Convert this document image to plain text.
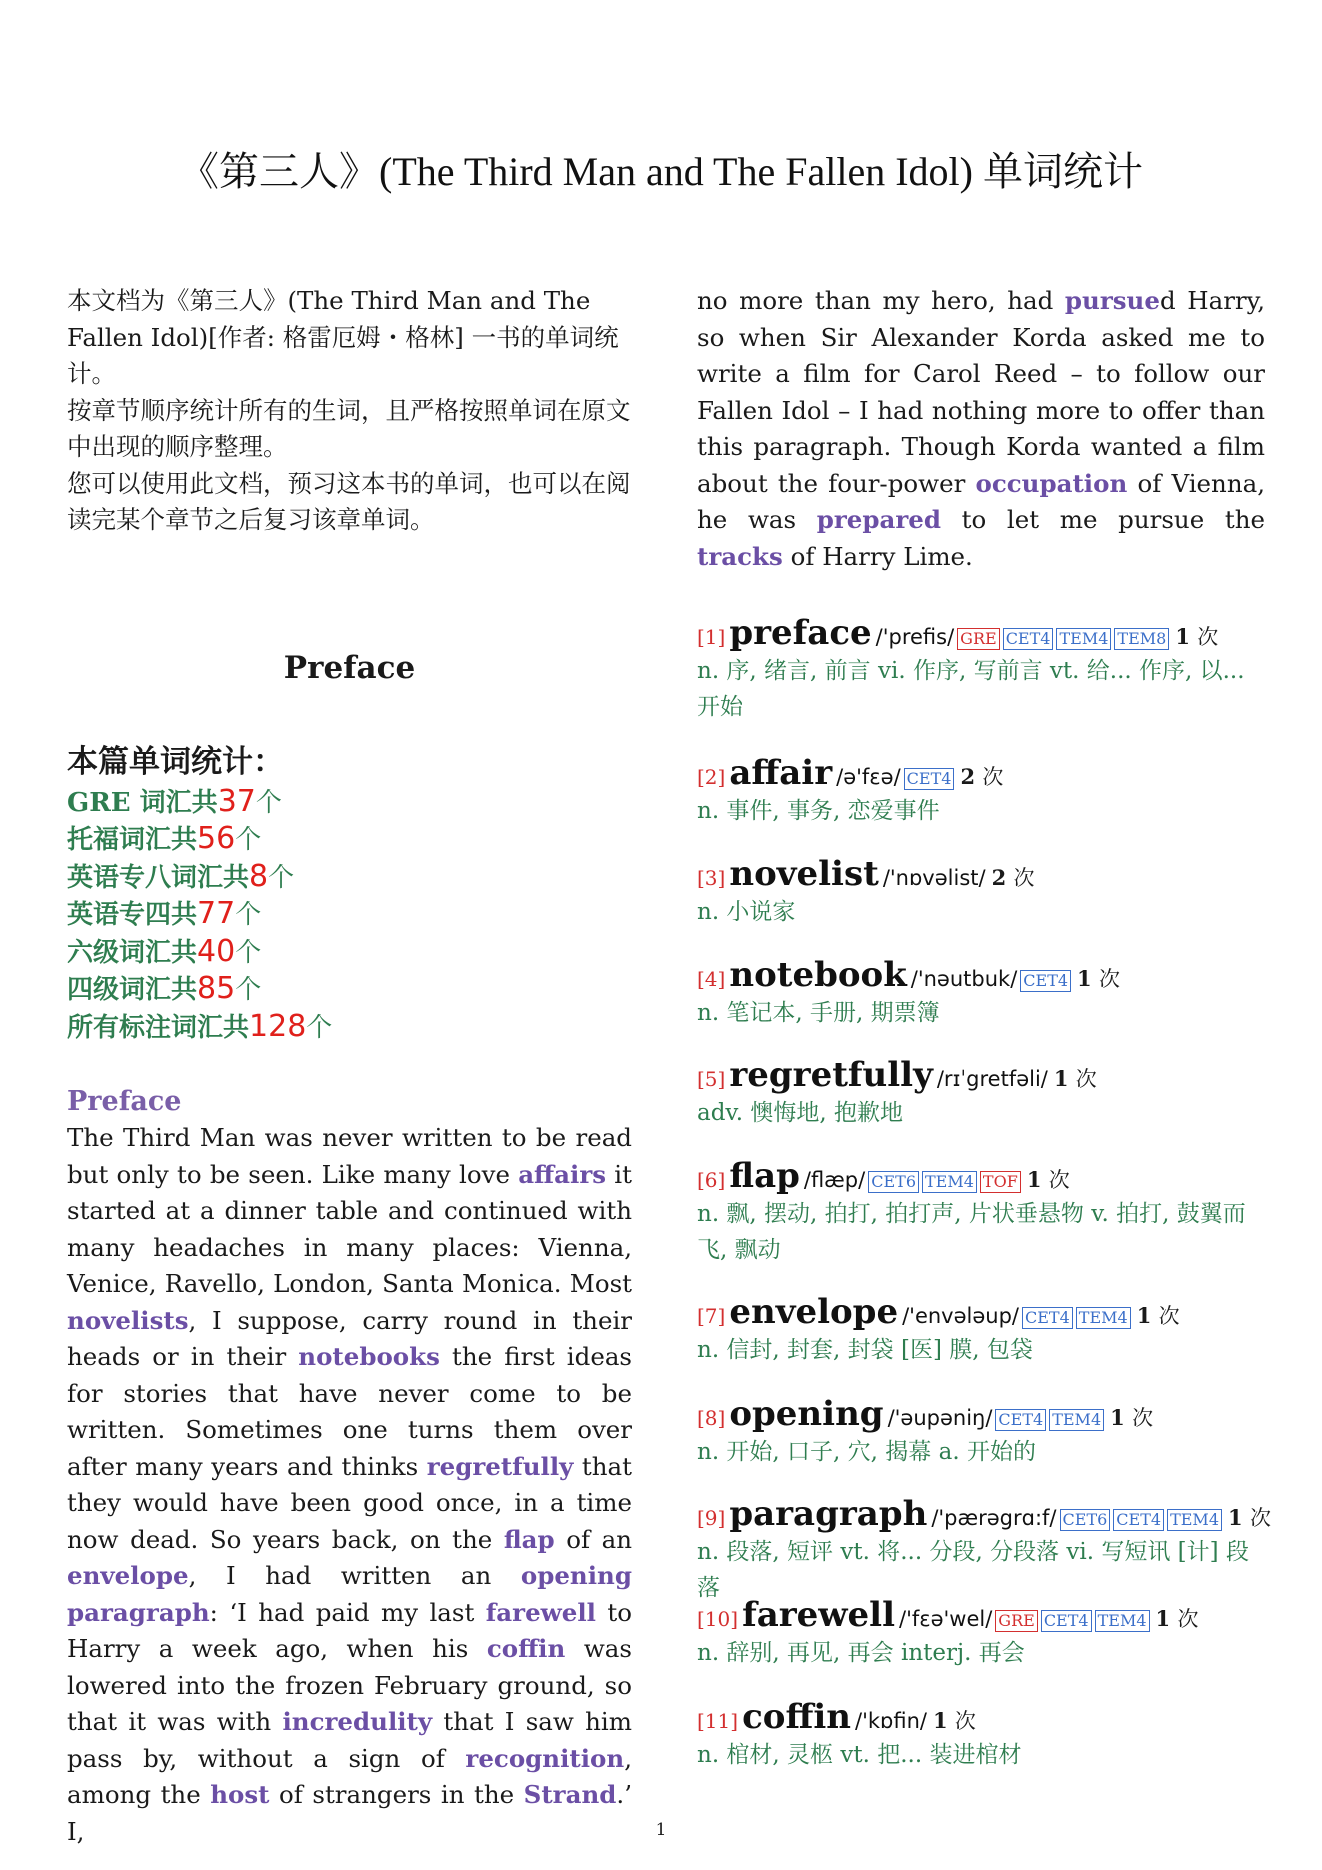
《第三人》(The Third Man and The Fallen Idol) 单词统计

本文档为《第三人》(The Third Man and The Fallen Idol)[作者: 格雷厄姆・格林] 一书的单词统计。

按章节顺序统计所有的生词，且严格按照单词在原文中出现的顺序整理。

您可以使用此文档，预习这本书的单词，也可以在阅读完某个章节之后复习该章单词。

Preface
本篇单词统计：
GRE 词汇共37个
托福词汇共56个
英语专八词汇共8个
英语专四共77个
六级词汇共40个
四级词汇共85个
所有标注词汇共128个
Preface

The Third Man was never written to be read but only to be seen. Like many love affairs it started at a dinner table and continued with many headaches in many places: Vienna, Venice, Ravello, London, Santa Monica. Most novelists, I suppose, carry round in their heads or in their notebooks the first ideas for stories that have never come to be written. Sometimes one turns them over after many years and thinks regretfully that they would have been good once, in a time now dead. So years back, on the flap of an envelope, I had written an opening paragraph: ‘I had paid my last farewell to Harry a week ago, when his coffin was lowered into the frozen February ground, so that it was with incredulity that I saw him pass by, without a sign of recognition, among the host of strangers in the Strand.’ I,

no more than my hero, had pursued Harry, so when Sir Alexander Korda asked me to write a film for Carol Reed – to follow our Fallen Idol – I had nothing more to offer than this paragraph. Though Korda wanted a film about the four-power occupation of Vienna, he was prepared to let me pursue the tracks of Harry Lime.

[1] preface /'prefis/ GRE CET4 TEM4 TEM8 1 次
n. 序, 绪言, 前言 vi. 作序, 写前言 vt. 给... 作序, 以... 开始
[2] affair /ə'fεə/ CET4 2 次
n. 事件, 事务, 恋爱事件
[3] novelist /'nɒvəlist/ 2 次
n. 小说家
[4] notebook /'nəutbuk/ CET4 1 次
n. 笔记本, 手册, 期票簿
[5] regretfully /rɪˈgretfəli/ 1 次
adv. 懊悔地, 抱歉地
[6] flap /flæp/ CET6 TEM4 TOF 1 次
n. 飘, 摆动, 拍打, 拍打声, 片状垂悬物 v. 拍打, 鼓翼而飞, 飘动
[7] envelope /'envələup/ CET4 TEM4 1 次
n. 信封, 封套, 封袋 [医] 膜, 包袋
[8] opening /'əupəniŋ/ CET4 TEM4 1 次
n. 开始, 口子, 穴, 揭幕 a. 开始的
[9] paragraph /'pærəgrɑ:f/ CET6 CET4 TEM4 1 次
n. 段落, 短评 vt. 将... 分段, 分段落 vi. 写短讯 [计] 段落
[10] farewell /'fεə'wel/ GRE CET4 TEM4 1 次
n. 辞别, 再见, 再会 interj. 再会
[11] coffin /'kɒfin/ 1 次
n. 棺材, 灵柩 vt. 把... 装进棺材
1
